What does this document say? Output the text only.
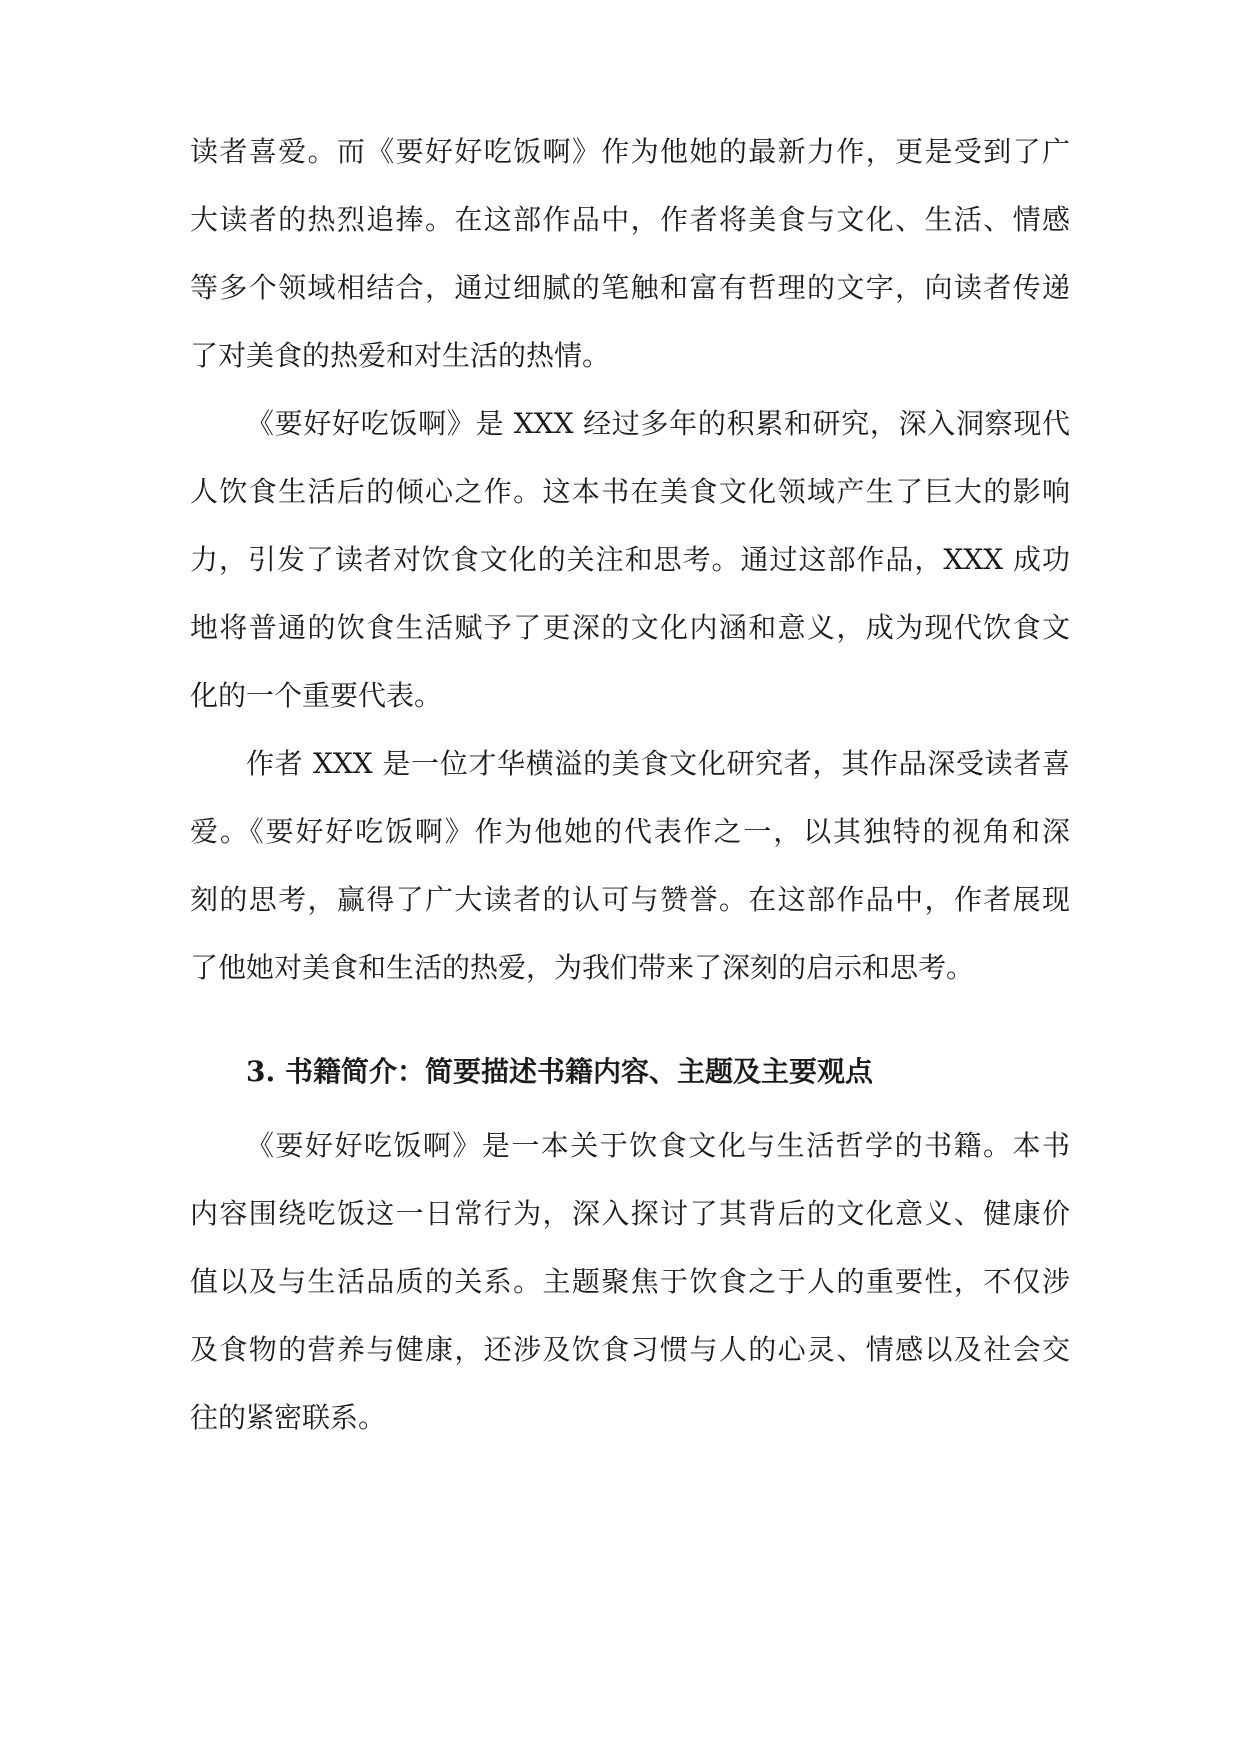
读者喜爱。而《要好好吃饭啊》作为他她的最新力作，更是受到了广

大读者的热烈追捧。在这部作品中，作者将美食与文化、生活、情感

等多个领域相结合，通过细腻的笔触和富有哲理的文字，向读者传递

了对美食的热爱和对生活的热情。

《要好好吃饭啊》是 XXX 经过多年的积累和研究，深入洞察现代

人饮食生活后的倾心之作。这本书在美食文化领域产生了巨大的影响

力，引发了读者对饮食文化的关注和思考。通过这部作品，XXX 成功

地将普通的饮食生活赋予了更深的文化内涵和意义，成为现代饮食文

化的一个重要代表。

作者 XXX 是一位才华横溢的美食文化研究者，其作品深受读者喜

爱。《要好好吃饭啊》作为他她的代表作之一，以其独特的视角和深

刻的思考，赢得了广大读者的认可与赞誉。在这部作品中，作者展现

了他她对美食和生活的热爱，为我们带来了深刻的启示和思考。

3. 书籍简介：简要描述书籍内容、主题及主要观点

《要好好吃饭啊》是一本关于饮食文化与生活哲学的书籍。本书

内容围绕吃饭这一日常行为，深入探讨了其背后的文化意义、健康价

值以及与生活品质的关系。主题聚焦于饮食之于人的重要性，不仅涉

及食物的营养与健康，还涉及饮食习惯与人的心灵、情感以及社会交

往的紧密联系。
